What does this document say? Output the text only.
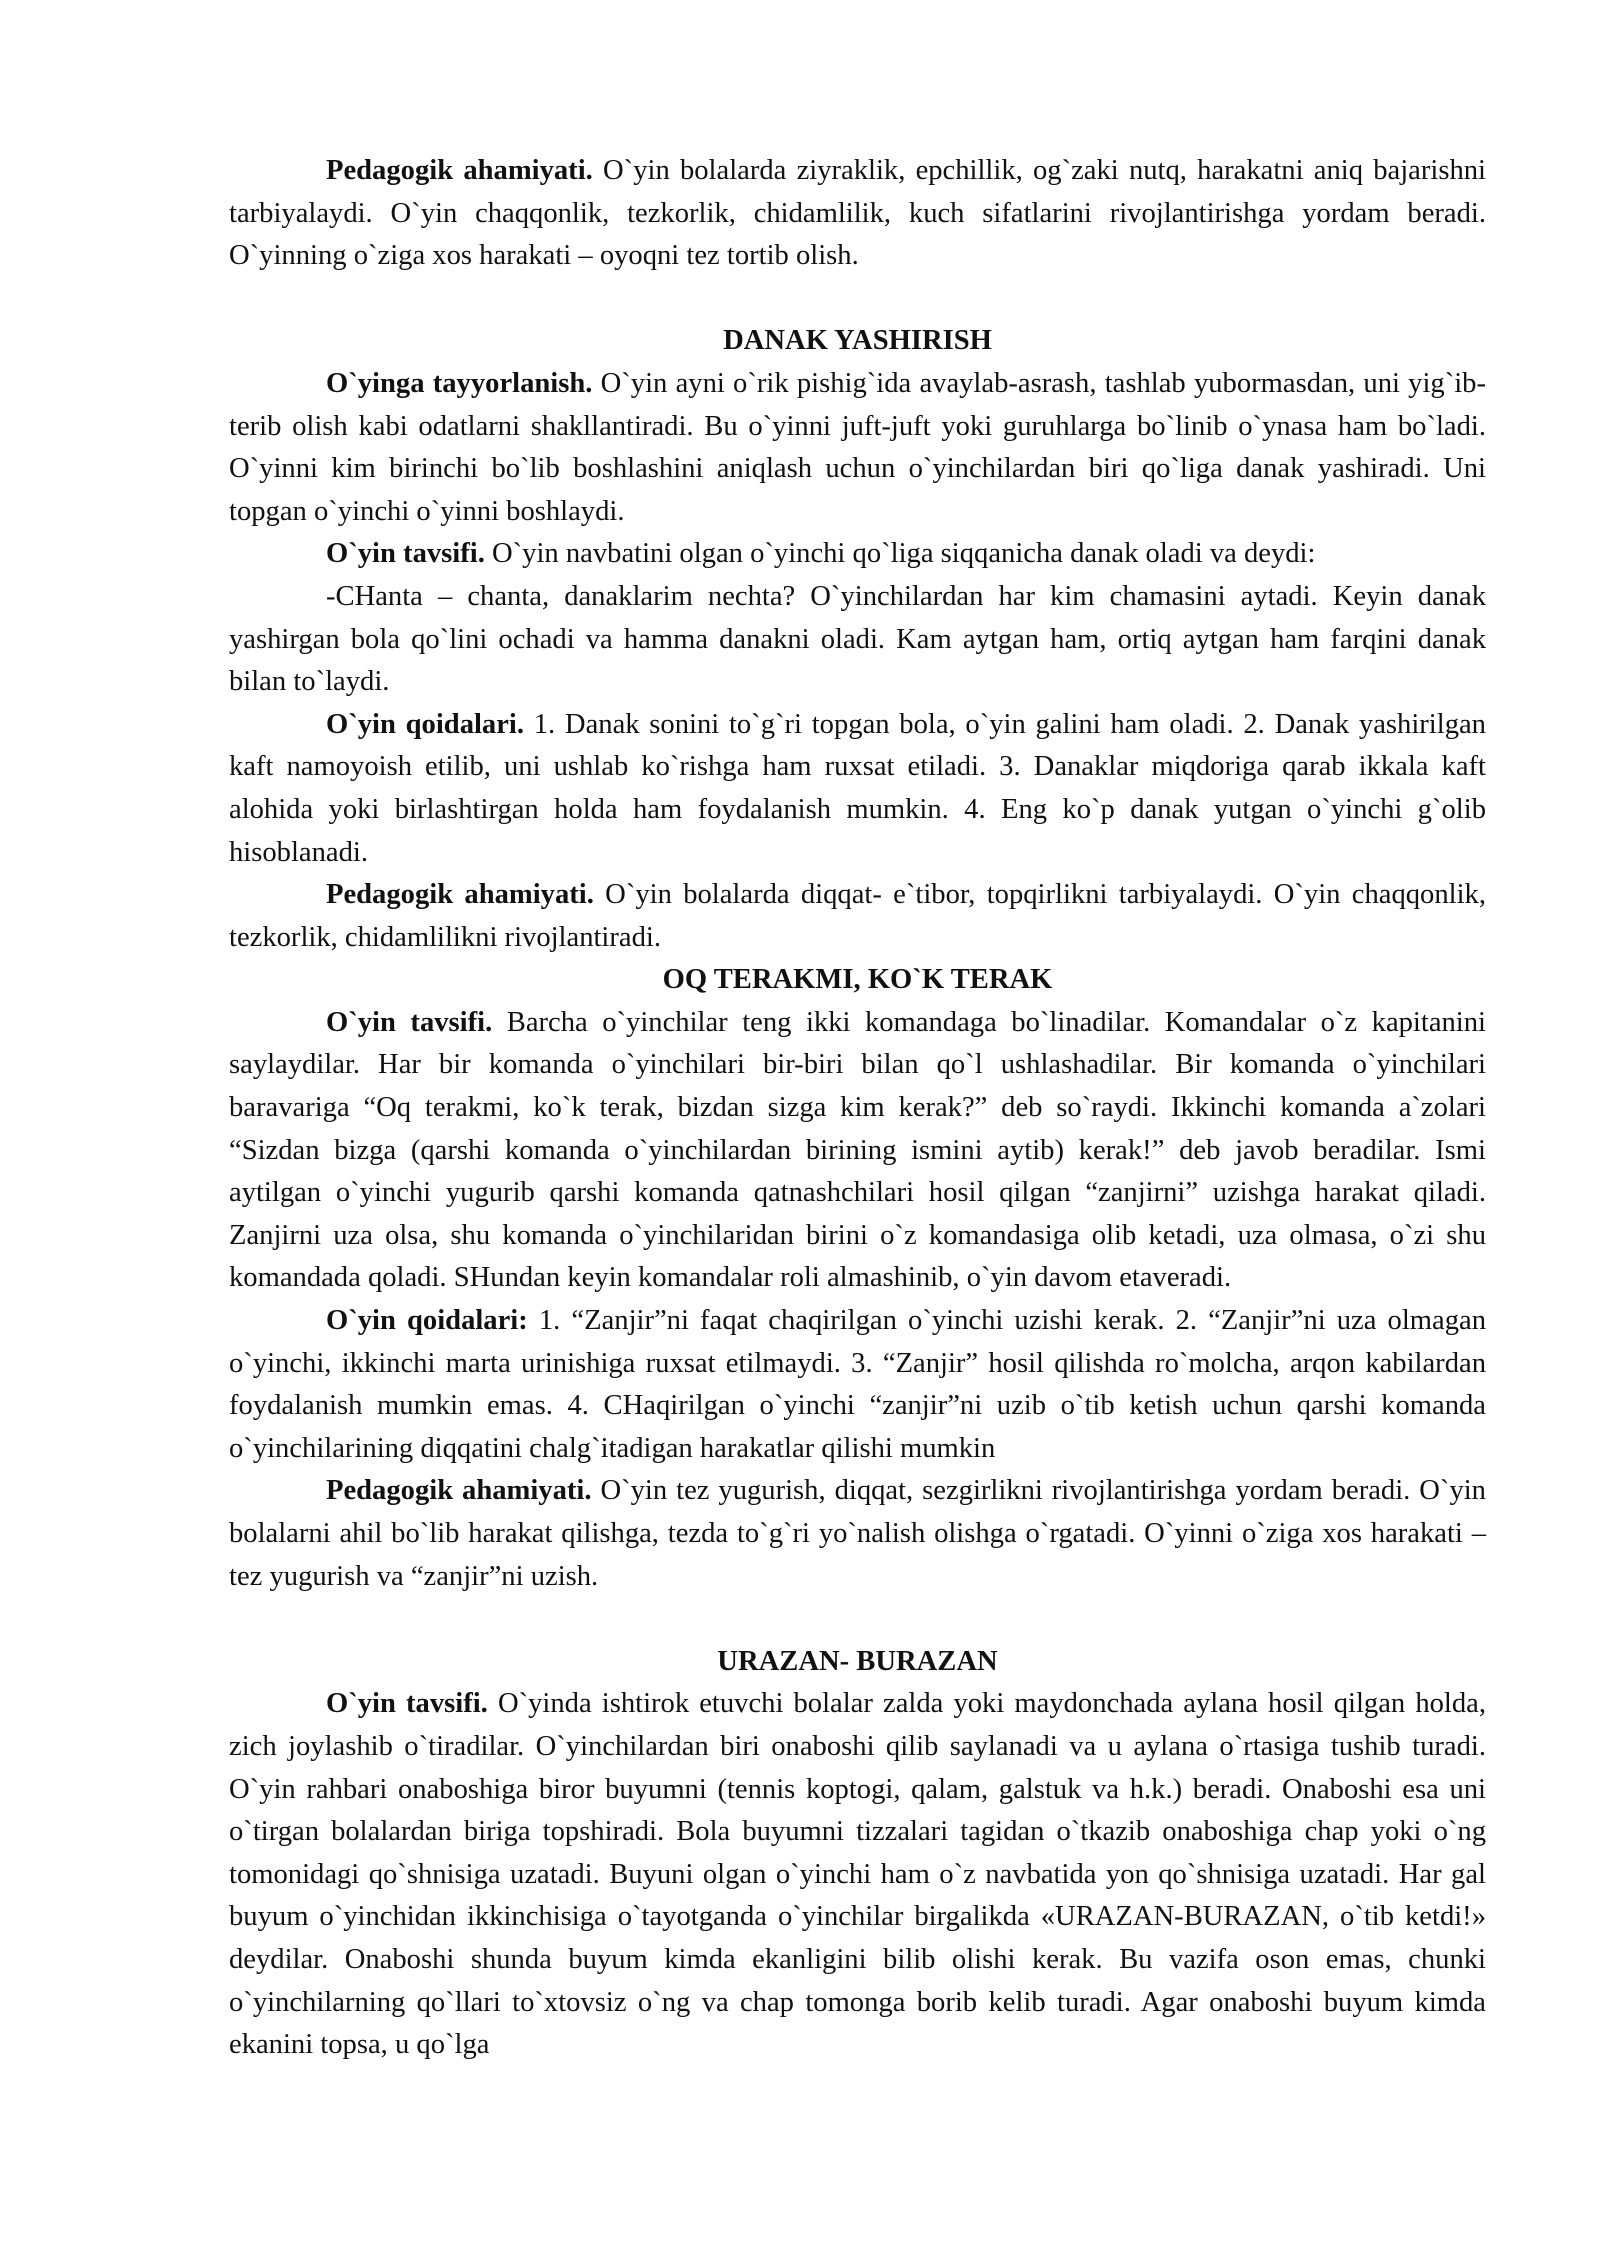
Pedagogik ahamiyati. O`yin bolalarda ziyraklik, epchillik, og`zaki nutq, harakatni aniq bajarishni tarbiyalaydi. O`yin chaqqonlik, tezkorlik, chidamlilik, kuch sifatlarini rivojlantirishga yordam beradi. O`yinning o`ziga xos harakati – oyoqni tez tortib olish.

DANAK YASHIRISH

O`yinga tayyorlanish. O`yin ayni o`rik pishig`ida avaylab-asrash, tashlab yubormasdan, uni yig`ib-terib olish kabi odatlarni shakllantiradi. Bu o`yinni juft-juft yoki guruhlarga bo`linib o`ynasa ham bo`ladi. O`yinni kim birinchi bo`lib boshlashini aniqlash uchun o`yinchilardan biri qo`liga danak yashiradi. Uni topgan o`yinchi o`yinni boshlaydi.

O`yin tavsifi. O`yin navbatini olgan o`yinchi qo`liga siqqanicha danak oladi va deydi:

-CHanta – chanta, danaklarim nechta? O`yinchilardan har kim chamasini aytadi. Keyin danak yashirgan bola qo`lini ochadi va hamma danakni oladi. Kam aytgan ham, ortiq aytgan ham farqini danak bilan to`laydi.

O`yin qoidalari. 1. Danak sonini to`g`ri topgan bola, o`yin galini ham oladi. 2. Danak yashirilgan kaft namoyoish etilib, uni ushlab ko`rishga ham ruxsat etiladi. 3. Danaklar miqdoriga qarab ikkala kaft alohida yoki birlashtirgan holda ham foydalanish mumkin. 4. Eng ko`p danak yutgan o`yinchi g`olib hisoblanadi.

Pedagogik ahamiyati. O`yin bolalarda diqqat- e`tibor, topqirlikni tarbiyalaydi. O`yin chaqqonlik, tezkorlik, chidamlilikni rivojlantiradi.

OQ TERAKMI, KO`K TERAK

O`yin tavsifi. Barcha o`yinchilar teng ikki komandaga bo`linadilar. Komandalar o`z kapitanini saylaydilar. Har bir komanda o`yinchilari bir-biri bilan qo`l ushlashadilar. Bir komanda o`yinchilari baravariga “Oq terakmi, ko`k terak, bizdan sizga kim kerak?” deb so`raydi. Ikkinchi komanda a`zolari “Sizdan bizga (qarshi komanda o`yinchilardan birining ismini aytib) kerak!” deb javob beradilar. Ismi aytilgan o`yinchi yugurib qarshi komanda qatnashchilari hosil qilgan “zanjirni” uzishga harakat qiladi. Zanjirni uza olsa, shu komanda o`yinchilaridan birini o`z komandasiga olib ketadi, uza olmasa, o`zi shu komandada qoladi. SHundan keyin komandalar roli almashinib, o`yin davom etaveradi.

O`yin qoidalari: 1. “Zanjir”ni faqat chaqirilgan o`yinchi uzishi kerak. 2. “Zanjir”ni uza olmagan o`yinchi, ikkinchi marta urinishiga ruxsat etilmaydi. 3. “Zanjir” hosil qilishda ro`molcha, arqon kabilardan foydalanish mumkin emas. 4. CHaqirilgan o`yinchi “zanjir”ni uzib o`tib ketish uchun qarshi komanda o`yinchilarining diqqatini chalg`itadigan harakatlar qilishi mumkin

Pedagogik ahamiyati. O`yin tez yugurish, diqqat, sezgirlikni rivojlantirishga yordam beradi. O`yin bolalarni ahil bo`lib harakat qilishga, tezda to`g`ri yo`nalish olishga o`rgatadi. O`yinni o`ziga xos harakati – tez yugurish va “zanjir”ni uzish.

URAZAN- BURAZAN

O`yin tavsifi. O`yinda ishtirok etuvchi bolalar zalda yoki maydonchada aylana hosil qilgan holda, zich joylashib o`tiradilar. O`yinchilardan biri onaboshi qilib saylanadi va u aylana o`rtasiga tushib turadi. O`yin rahbari onaboshiga biror buyumni (tennis koptogi, qalam, galstuk va h.k.) beradi. Onaboshi esa uni o`tirgan bolalardan biriga topshiradi. Bola buyumni tizzalari tagidan o`tkazib onaboshiga chap yoki o`ng tomonidagi qo`shnisiga uzatadi. Buyuni olgan o`yinchi ham o`z navbatida yon qo`shnisiga uzatadi. Har gal buyum o`yinchidan ikkinchisiga o`tayotganda o`yinchilar birgalikda «URAZAN-BURAZAN, o`tib ketdi!» deydilar. Onaboshi shunda buyum kimda ekanligini bilib olishi kerak. Bu vazifa oson emas, chunki o`yinchilarning qo`llari to`xtovsiz o`ng va chap tomonga borib kelib turadi. Agar onaboshi buyum kimda ekanini topsa, u qo`lga
